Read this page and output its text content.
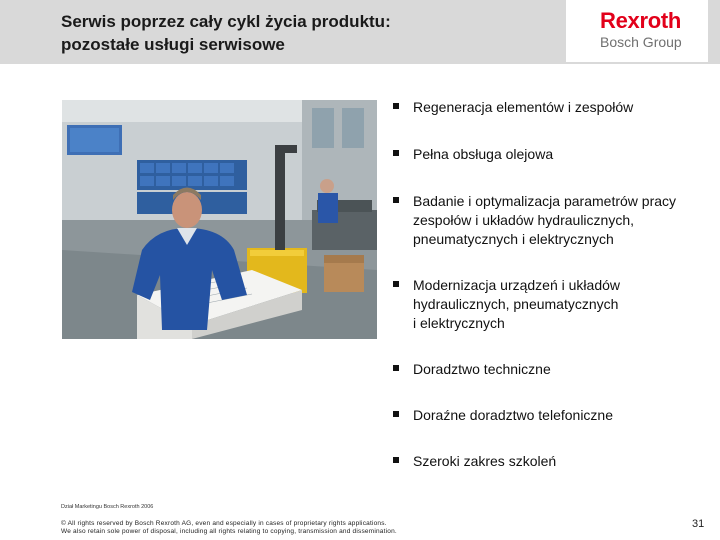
Serwis poprzez cały cykl życia produktu:
pozostałe usługi serwisowe
Rexroth
Bosch Group
Regeneracja elementów i zespołów
Pełna obsługa olejowa
Badanie i optymalizacja parametrów pracy
zespołów i układów hydraulicznych,
pneumatycznych i elektrycznych
Modernizacja urządzeń i układów
hydraulicznych, pneumatycznych
i elektrycznych
Doradztwo techniczne
Doraźne doradztwo telefoniczne
Szeroki zakres szkoleń
Dział Marketingu Bosch Rexroth 2006
© All rights reserved by Bosch Rexroth AG, even and especially in cases of proprietary rights applications.
We also retain sole power of disposal, including all rights relating to copying, transmission and dissemination.
31
